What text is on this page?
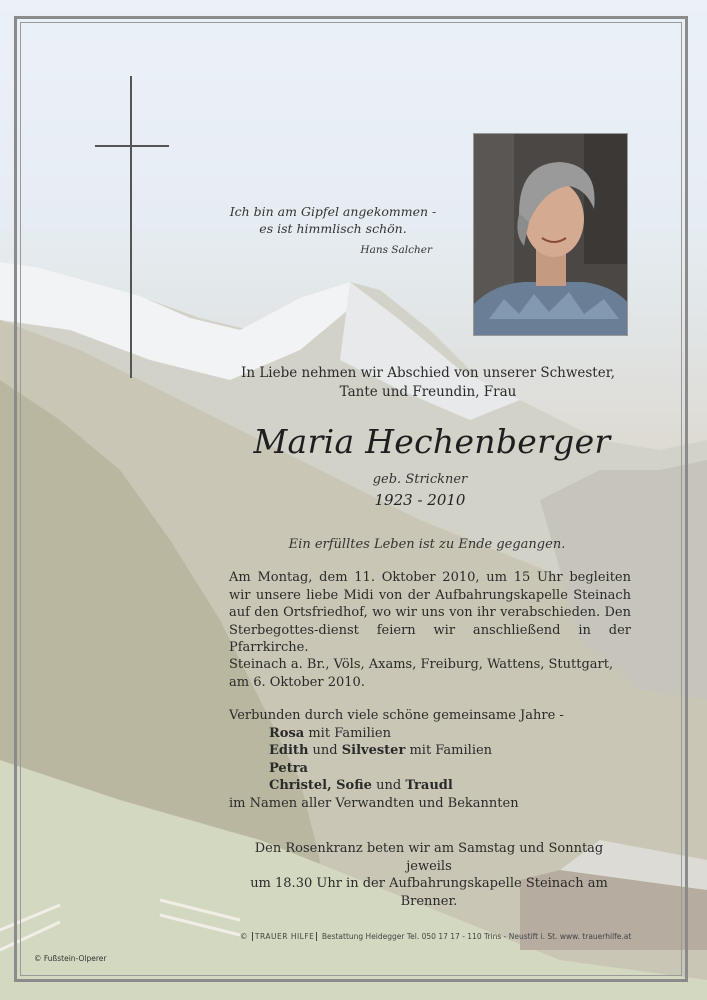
Ich bin am Gipfel angekommen -
es ist himmlisch schön.
Hans Salcher
In Liebe nehmen wir Abschied von unserer Schwester,
Tante und Freundin, Frau
Maria Hechenberger
geb. Strickner
1923 - 2010
Ein erfülltes Leben ist zu Ende gegangen.
Am Montag, dem 11. Oktober 2010, um 15 Uhr begleiten wir unsere liebe Midi von der Aufbahrungskapelle Steinach auf den Ortsfriedhof, wo wir uns von ihr verabschieden. Den Sterbegottes-dienst feiern wir anschließend in der Pfarrkirche.
Steinach a. Br., Völs, Axams, Freiburg, Wattens, Stuttgart,
am 6. Oktober 2010.
Verbunden durch viele schöne gemeinsame Jahre -
Rosa mit Familien
Edith und Silvester mit Familien
Petra
Christel, Sofie und Traudl
im Namen aller Verwandten und Bekannten
Den Rosenkranz beten wir am Samstag und Sonntag jeweils
um 18.30 Uhr in der Aufbahrungskapelle Steinach am Brenner.
© TRAUER HILFE Bestattung Heidegger Tel. 050 17 17 - 110 Trins - Neustift i. St. www. trauerhilfe.at
© Fußstein-Olperer
